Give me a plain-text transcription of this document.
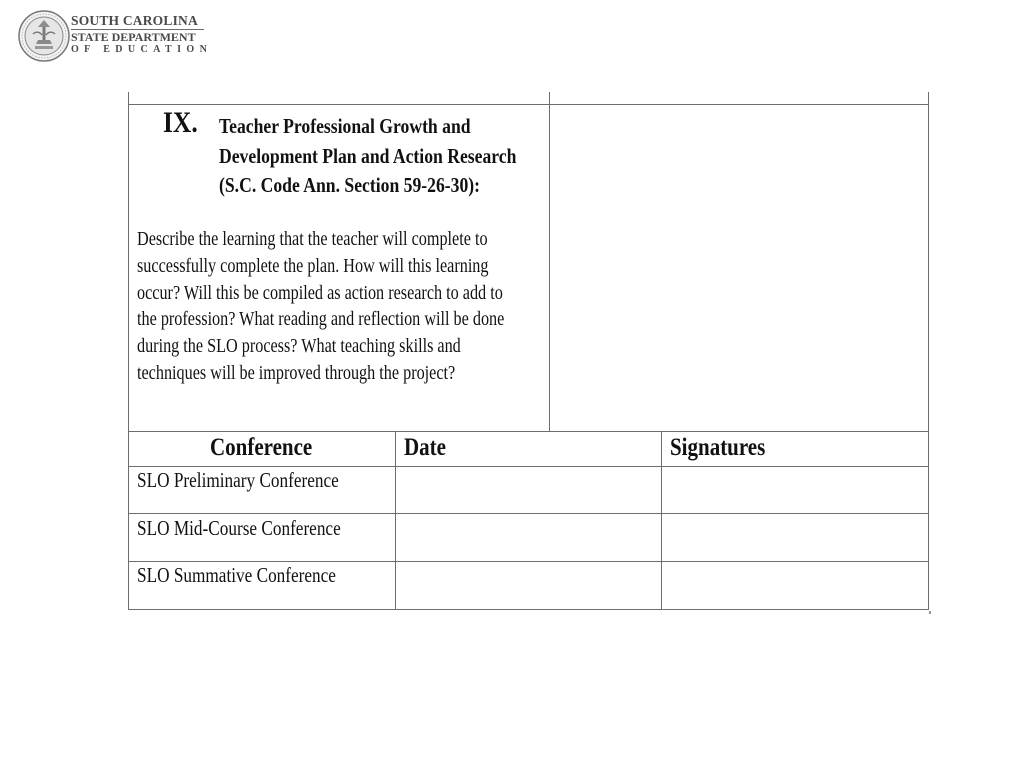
SOUTH CAROLINA
STATE DEPARTMENT
OF EDUCATION
IX. Teacher Professional Growth and
Development Plan and Action Research
(S.C. Code Ann. Section 59-26-30):
Describe the learning that the teacher will complete to
successfully complete the plan. How will this learning
occur? Will this be compiled as action research to add to
the profession? What reading and reflection will be done
during the SLO process? What teaching skills and
techniques will be improved through the project?
Conference	Date	Signatures
SLO Preliminary Conference
SLO Mid-Course Conference
SLO Summative Conference
